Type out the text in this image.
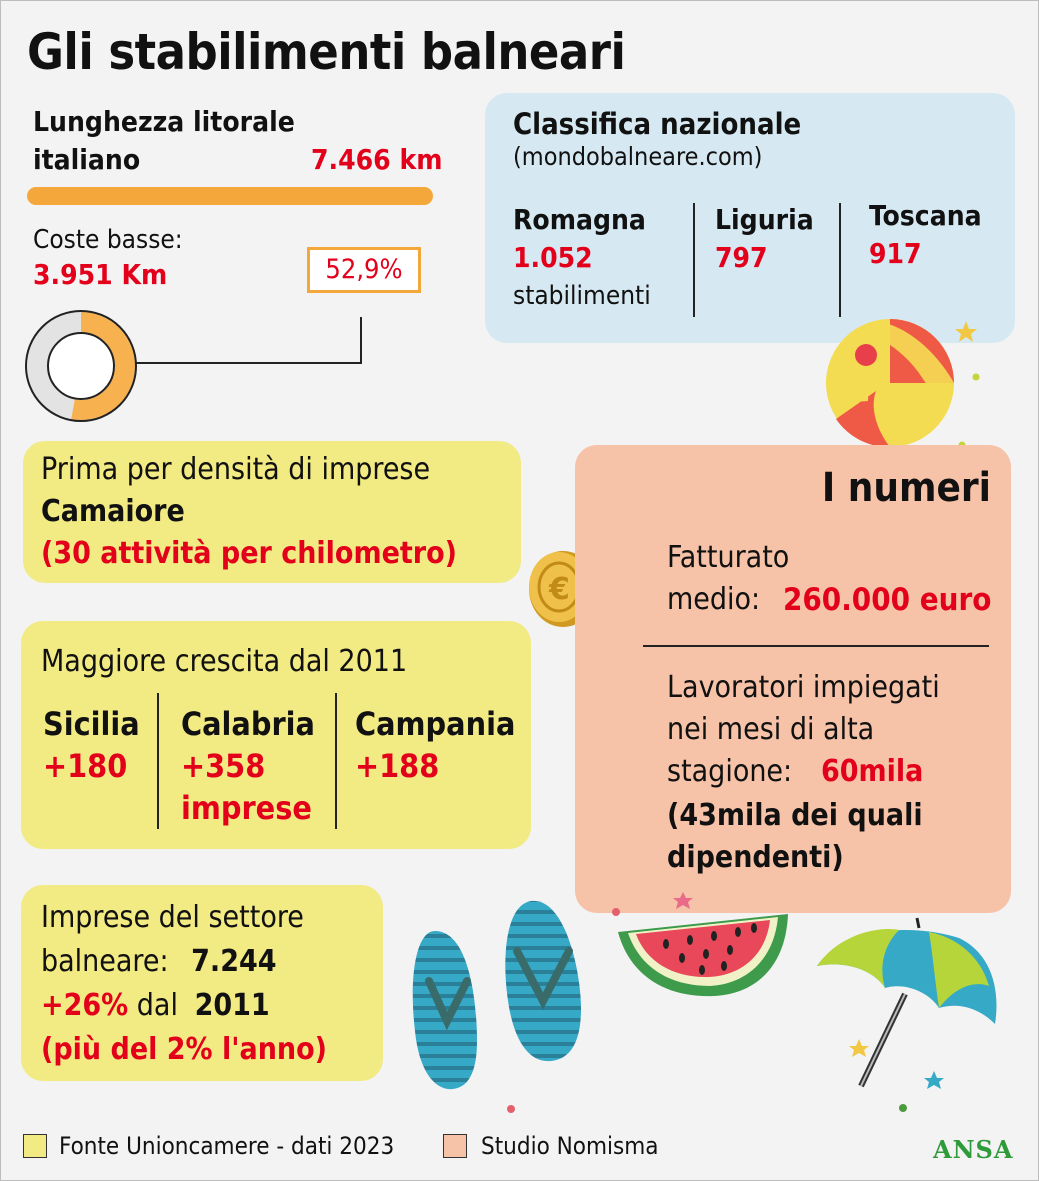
Gli stabilimenti balneari
Lunghezza litorale
italiano	7.466 km
Coste basse:
3.951 Km	52,9%
Classifica nazionale
(mondobalneare.com)
Romagna
1.052
stabilimenti
Liguria
797
Toscana
917
Prima per densità di imprese
Camaiore
(30 attività per chilometro)
€
I numeri
Fatturato
medio: 260.000 euro
Lavoratori impiegati
nei mesi di alta
stagione: 60mila
(43mila dei quali
dipendenti)
Maggiore crescita dal 2011
Sicilia
+180
Calabria
+358
imprese
Campania
+188
Imprese del settore
balneare: 7.244
+26% dal 2011
(più del 2% l'anno)
Fonte Unioncamere - dati 2023	Studio Nomisma	ANSA
